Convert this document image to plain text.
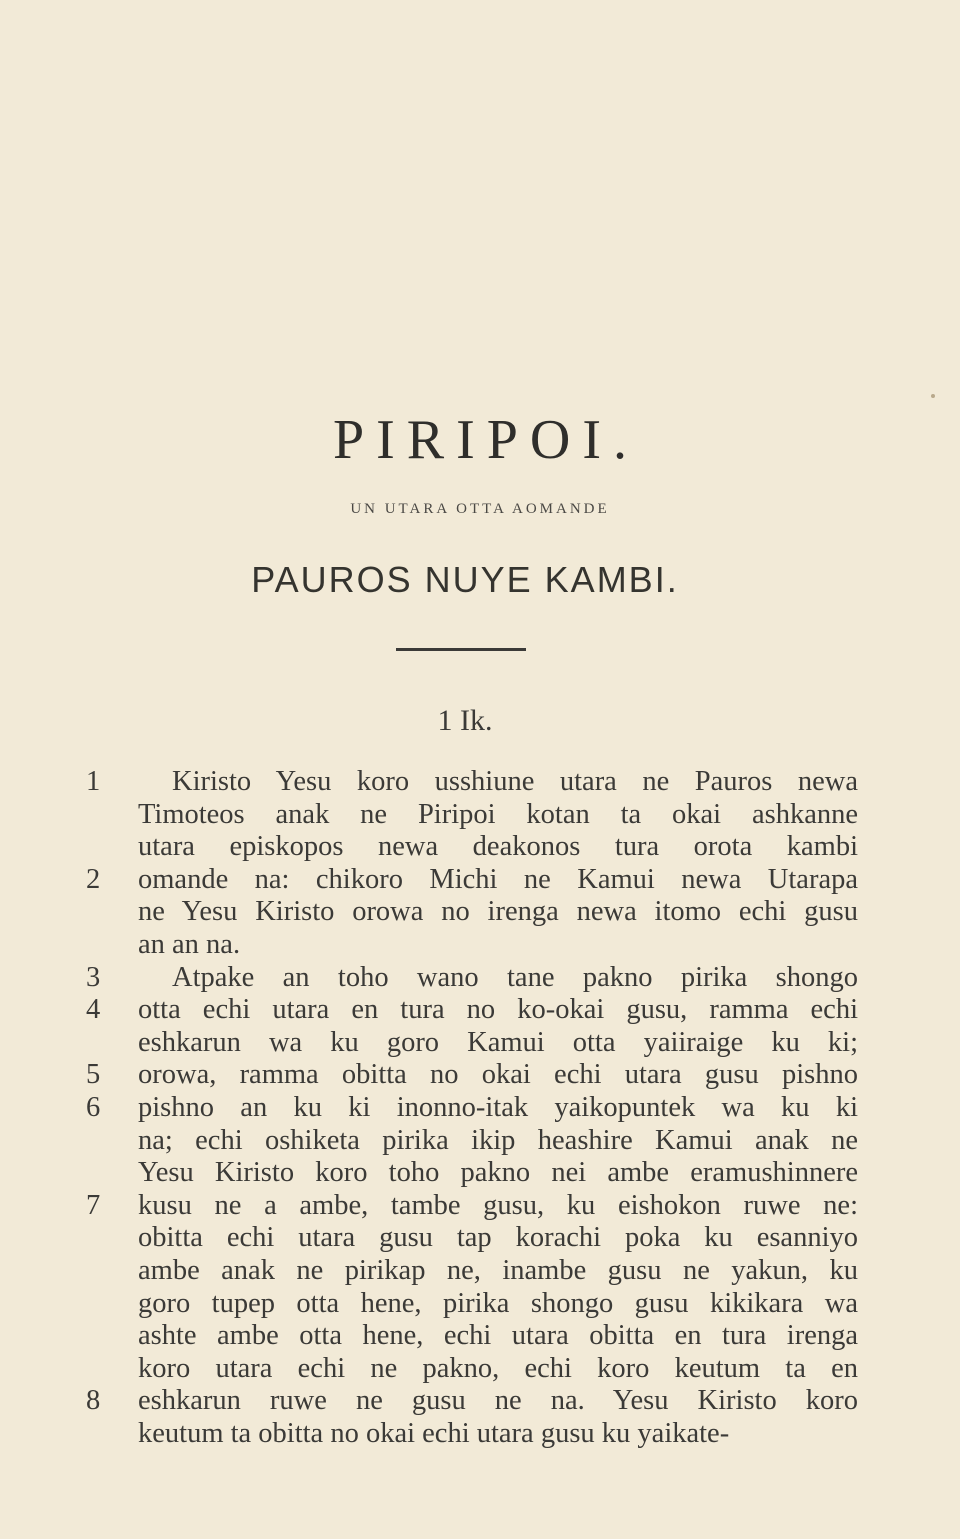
PIRIPOI.
UN UTARA OTTA AOMANDE
PAUROS NUYE KAMBI.
1 Ik.
1
2
3
4
5
6
7
8
Kiristo Yesu koro usshiune utara ne Pauros newa
Timoteos anak ne Piripoi kotan ta okai ashkanne
utara episkopos newa deakonos tura orota kambi
omande na: chikoro Michi ne Kamui newa Utarapa
ne Yesu Kiristo orowa no irenga newa itomo echi gusu
an an na.
Atpake an toho wano tane pakno pirika shongo
otta echi utara en tura no ko-okai gusu, ramma echi
eshkarun wa ku goro Kamui otta yaiiraige ku ki;
orowa, ramma obitta no okai echi utara gusu pishno
pishno an ku ki inonno-itak yaikopuntek wa ku ki
na; echi oshiketa pirika ikip heashire Kamui anak ne
Yesu Kiristo koro toho pakno nei ambe eramushinnere
kusu ne a ambe, tambe gusu, ku eishokon ruwe ne:
obitta echi utara gusu tap korachi poka ku esanniyo
ambe anak ne pirikap ne, inambe gusu ne yakun, ku
goro tupep otta hene, pirika shongo gusu kikikara wa
ashte ambe otta hene, echi utara obitta en tura irenga
koro utara echi ne pakno, echi koro keutum ta en
eshkarun ruwe ne gusu ne na. Yesu Kiristo koro
keutum ta obitta no okai echi utara gusu ku yaikate-
